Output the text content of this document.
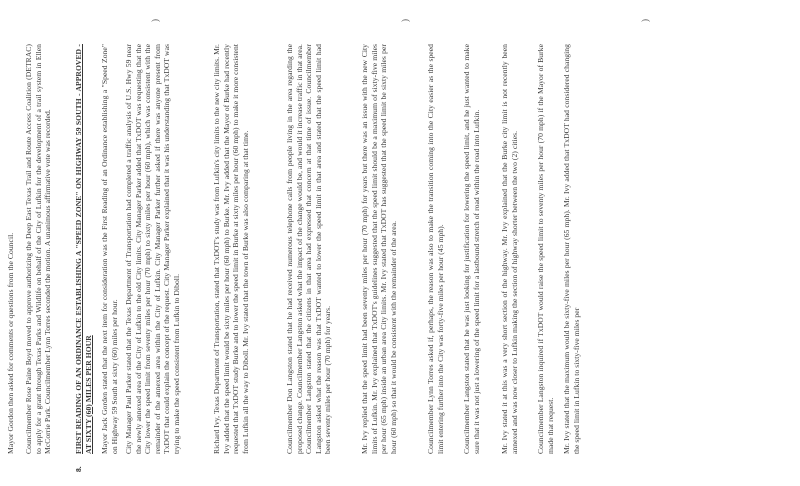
Mayor Gordon then asked for comments or questions from the Council. Councilmember Rose Paine Boyd moved to approve authorizing the Deep East Texas Trail and Route Access Coalition (DETRAC) to apply for a grant through Texas Parks and Wildlife on behalf of the City of Lufkin for the development of a trail system in Ellen McCorrie Park. Councilmember Lynn Torres seconded the motion. A unanimous affirmative vote was recorded.
8.
FIRST READING OF AN ORDINANCE ESTABLISHING A "SPEED ZONE" ON HIGHWAY 59 SOUTH - APPROVED - AT SIXTY (60) MILES PER HOUR Mayor Jack Gorden stated that the next item for consideration was the First Reading of an Ordinance establishing a "Speed Zone" on Highway 59 South at sixty (60) miles per hour. City Manager Paul Parker stated that the Texas Department of Transportation had completed a traffic analysis of U.S. Hwy 59 near the newly annexed area of the City of Lufkin to the old City limits. City Manager Parker added that TxDOT was requesting that the City lower the speed limit from seventy miles per hour (70 mph) to sixty miles per hour (60 mph), which was consistent with the remainder of the annexed area within the City of Lufkin. City Manager Parker further asked if there was anyone present from TxDOT that could explain the concept of the request. City Manager Parker explained that it was his understanding that TxDOT was trying to make the speed consistent from Lufkin to Diboll.	Richard Ivy, Texas Department of Transportation, stated that TxDOT's study was from Lufkin's city limits to the new city limits. Mr. Ivy added that the speed limit would be sixty miles per hour (60 mph) to Burke. Mr. Ivy added that the Mayor of Burke had recently requested that TxDOT study Burke and to lower the speed limit in Burke at sixty miles per hour (60 mph) to make it more consistent from Lufkin all the way to Diboll. Mr. Ivy stated that the town of Burke was also comparing at that time.	Councilmember Don Langston stated that he had received numerous telephone calls from people living in the area regarding the proposed change. Councilmember Langston asked what the impact of the change would be, and would it increase traffic in that area. Councilmember Langston stated that the citizens in that area had expressed that concern at that time of issue. Councilmember Langston asked what the reason was that TxDOT wanted to lower the speed limit in that area and stated that the speed limit had been seventy miles per hour (70 mph) for years.	Mr. Ivy replied that the speed limit had been seventy miles per hour (70 mph) for years but there was an issue with the new City limits of Lufkin. Mr. Ivy explained that TxDOT's guidelines suggested that the speed limit should be a maximum of sixty-five miles per hour (65 mph) inside an urban area City limits. Mr. Ivy stated that TxDOT has suggested that the speed limit be sixty miles per hour (60 mph) so that it would be consistent with the remainder of the area.	Councilmember Lynn Torres asked if, perhaps, the reason was also to make the transition coming into the City easier as the speed limit entering further into the City was forty-five miles per hour (45 mph). Councilmember Langston stated that he was just looking for justification for lowering the speed limit, and he just wanted to make sure that it was not just a lowering of the speed limit for a lastbound stretch of road within the road into Lufkin.	Mr. Ivy stated it at this was a very short section of the highway. Mr. Ivy explained that the Burke city limit is not recently been annexed and was now closer to Lufkin making the section of highway shorter between the two (2) cities. Councilmember Langston inquired if TxDOT would raise the speed limit to seventy miles per hour (70 mph) if the Mayor of Burke made that request. Mr. Ivy stated that the maximum would be sixty-five miles per hour (65 mph). Mr. Ivy added that TxDOT had considered changing the speed limit in Lufkin to sixty-five miles per
)	)	)
